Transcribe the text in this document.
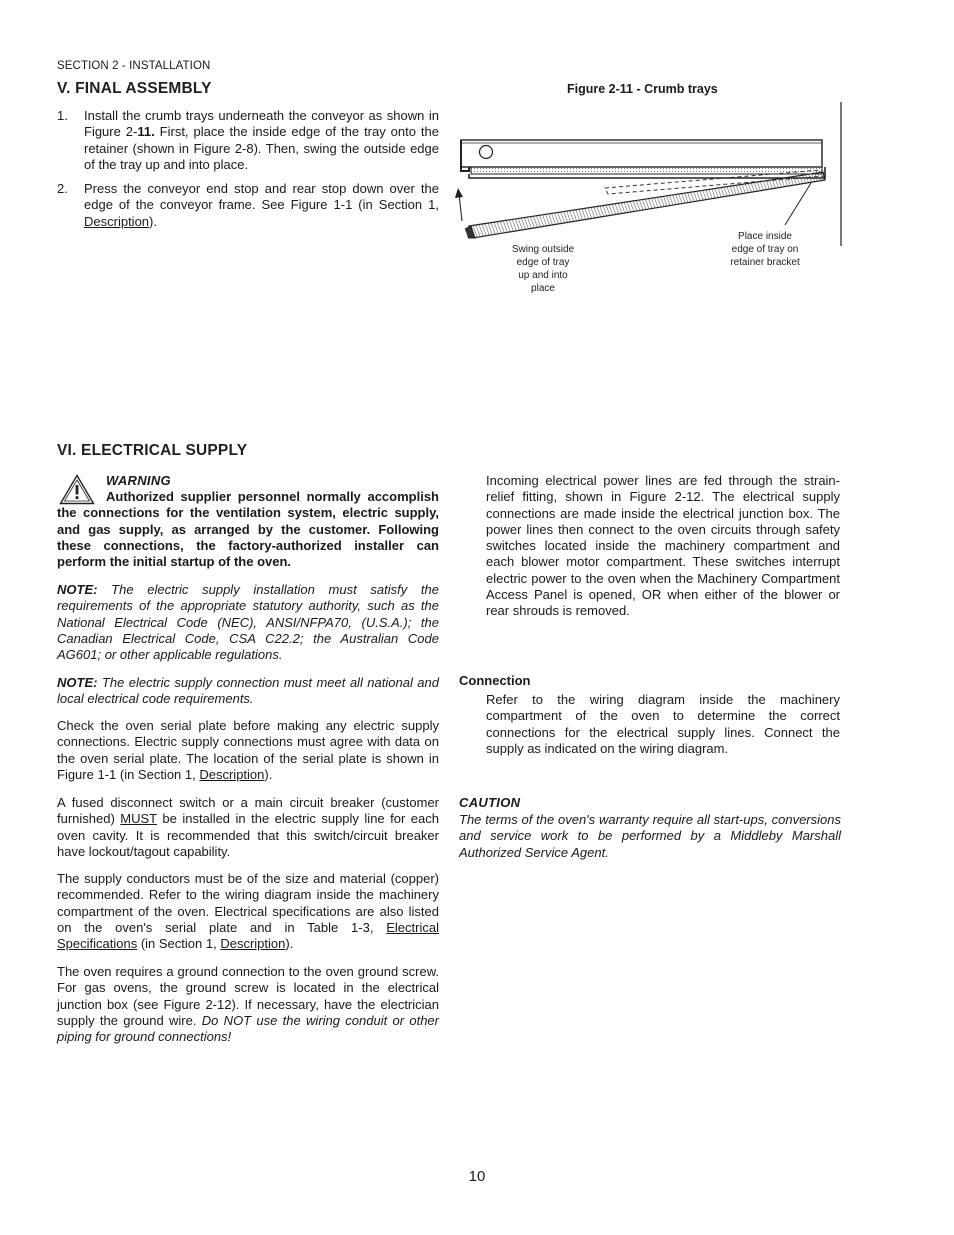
SECTION 2 - INSTALLATION
V. FINAL ASSEMBLY
1.	Install the crumb trays underneath the conveyor as shown in Figure 2-11. First, place the inside edge of the tray onto the retainer (shown in Figure 2-8). Then, swing the outside edge of the tray up and into place.
2.	Press the conveyor end stop and rear stop down over the edge of the conveyor frame. See Figure 1-1 (in Section 1, Description).
Figure 2-11 - Crumb trays
Swing outside
edge of tray
up and into
place
Place inside
edge of tray on
retainer bracket
VI. ELECTRICAL SUPPLY
WARNING

Authorized supplier personnel normally accomplish the connections for the ventilation system, electric supply, and gas supply, as arranged by the customer. Following these connections, the factory-authorized installer can perform the initial startup of the oven.

NOTE: The electric supply installation must satisfy the requirements of the appropriate statutory authority, such as the National Electrical Code (NEC), ANSI/NFPA70, (U.S.A.); the Canadian Electrical Code, CSA C22.2; the Australian Code AG601; or other applicable regulations.

NOTE: The electric supply connection must meet all national and local electrical code requirements.

Check the oven serial plate before making any electric supply connections. Electric supply connections must agree with data on the oven serial plate. The location of the serial plate is shown in Figure 1-1 (in Section 1, Description).

A fused disconnect switch or a main circuit breaker (customer furnished) MUST be installed in the electric supply line for each oven cavity. It is recommended that this switch/circuit breaker have lockout/tagout capability.

The supply conductors must be of the size and material (copper) recommended. Refer to the wiring diagram inside the machinery compartment of the oven. Electrical specifications are also listed on the oven's serial plate and in Table 1-3, Electrical Specifications (in Section 1, Description).

The oven requires a ground connection to the oven ground screw. For gas ovens, the ground screw is located in the electrical junction box (see Figure 2-12). If necessary, have the electrician supply the ground wire. Do NOT use the wiring conduit or other piping for ground connections!

Incoming electrical power lines are fed through the strain-relief fitting, shown in Figure 2-12. The electrical supply connections are made inside the electrical junction box. The power lines then connect to the oven circuits through safety switches located inside the machinery compartment and each blower motor compartment. These switches interrupt electric power to the oven when the Machinery Compartment Access Panel is opened, OR when either of the blower or rear shrouds is removed.

Connection

Refer to the wiring diagram inside the machinery compartment of the oven to determine the correct connections for the electrical supply lines. Connect the supply as indicated on the wiring diagram.

CAUTION

The terms of the oven's warranty require all start-ups, conversions and service work to be performed by a Middleby Marshall Authorized Service Agent.

10
